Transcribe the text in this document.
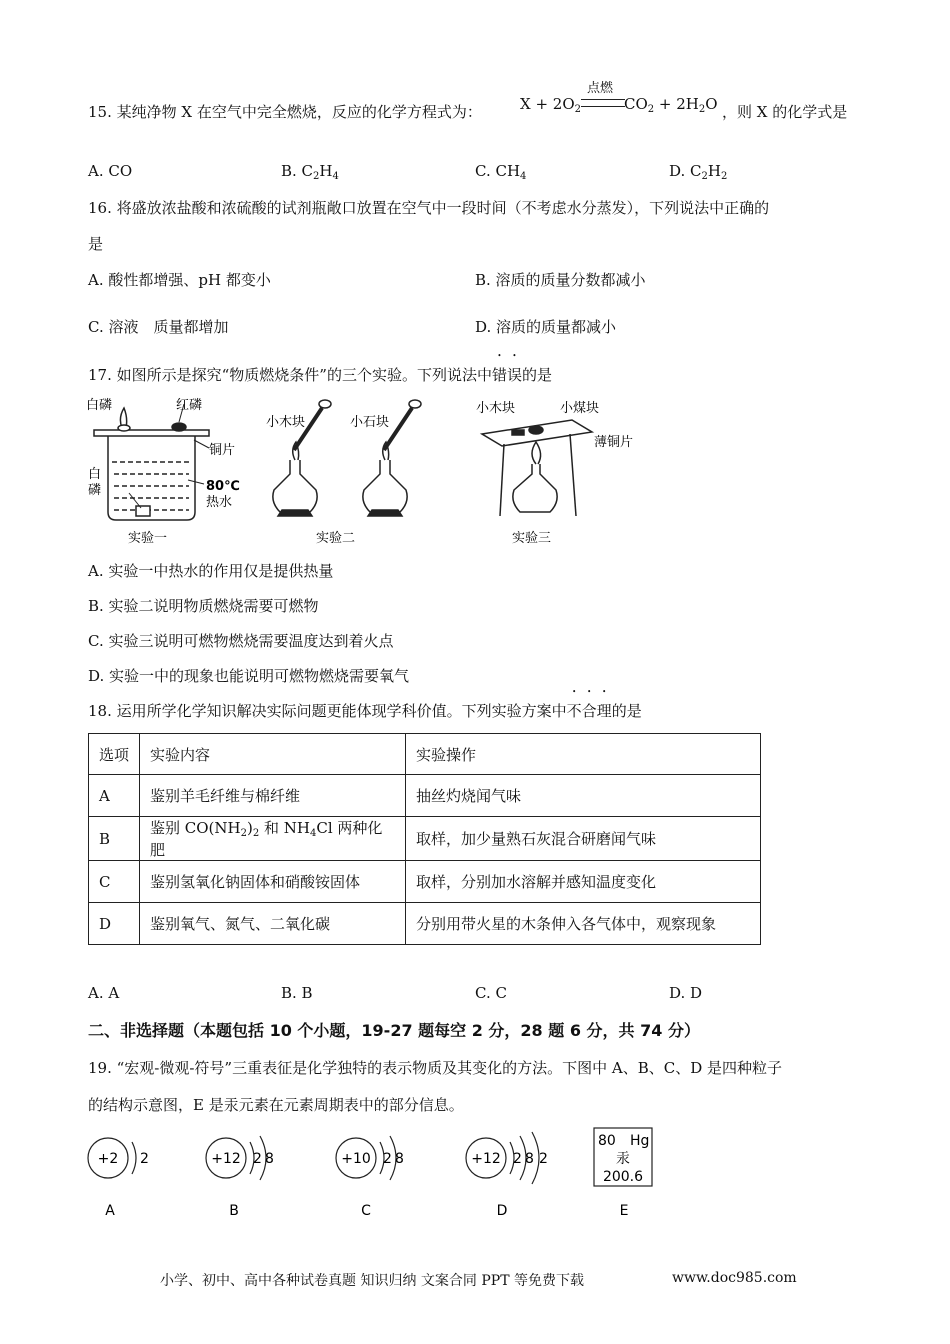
15. 某纯净物 X 在空气中完全燃烧，反应的化学方程式为：	$X + 2O_2$
点燃
$CO_2 + 2H_2O$ ，则 X 的化学式是
A. CO	B. $C_2H_4$	C. $CH_4$	D. $C_2H_2$
16. 将盛放浓盐酸和浓硫酸的试剂瓶敞口放置在空气中一段时间（不考虑水分蒸发），下列说法中正确的
是
A. 酸性都增强、pH 都变小	B. 溶质的质量分数都减小
C. 溶液　质量都增加	D. 溶质的质量都减小
17. 如图所示是探究“物质燃烧条件”的三个实验。下列说法中错误的是
白磷	红磷
铜片
白
磷	80℃
热水
实验一
小木块	小石块
实验二
小木块	小煤块
薄铜片
实验三
A. 实验一中热水的作用仅是提供热量
B. 实验二说明物质燃烧需要可燃物
C. 实验三说明可燃物燃烧需要温度达到着火点
D. 实验一中的现象也能说明可燃物燃烧需要氧气
18. 运用所学化学知识解决实际问题更能体现学科价值。下列实验方案中不合理的是
选项	实验内容	实验操作
A	鉴别羊毛纤维与棉纤维	抽丝灼烧闻气味
B	鉴别 $CO(NH_2)_2$ 和 $NH_4Cl$ 两种化肥	取样，加少量熟石灰混合研磨闻气味
C	鉴别氢氧化钠固体和硝酸铵固体	取样，分别加水溶解并感知温度变化
D	鉴别氧气、氮气、二氧化碳	分别用带火星的木条伸入各气体中，观察现象
A. A	B. B	C. C	D. D
二、非选择题（本题包括 10 个小题，19-27 题每空 2 分，28 题 6 分，共 74 分）
19. “宏观-微观-符号”三重表征是化学独特的表示物质及其变化的方法。下图中 A、B、C、D 是四种粒子
的结构示意图，E 是汞元素在元素周期表中的部分信息。
+2 2
A
+12 2 8
B
+10 2 8
C
+12 2 8 2
D
80 Hg
汞
200.6
E
小学、初中、高中各种试卷真题 知识归纳 文案合同 PPT 等免费下载	www.doc985.com
